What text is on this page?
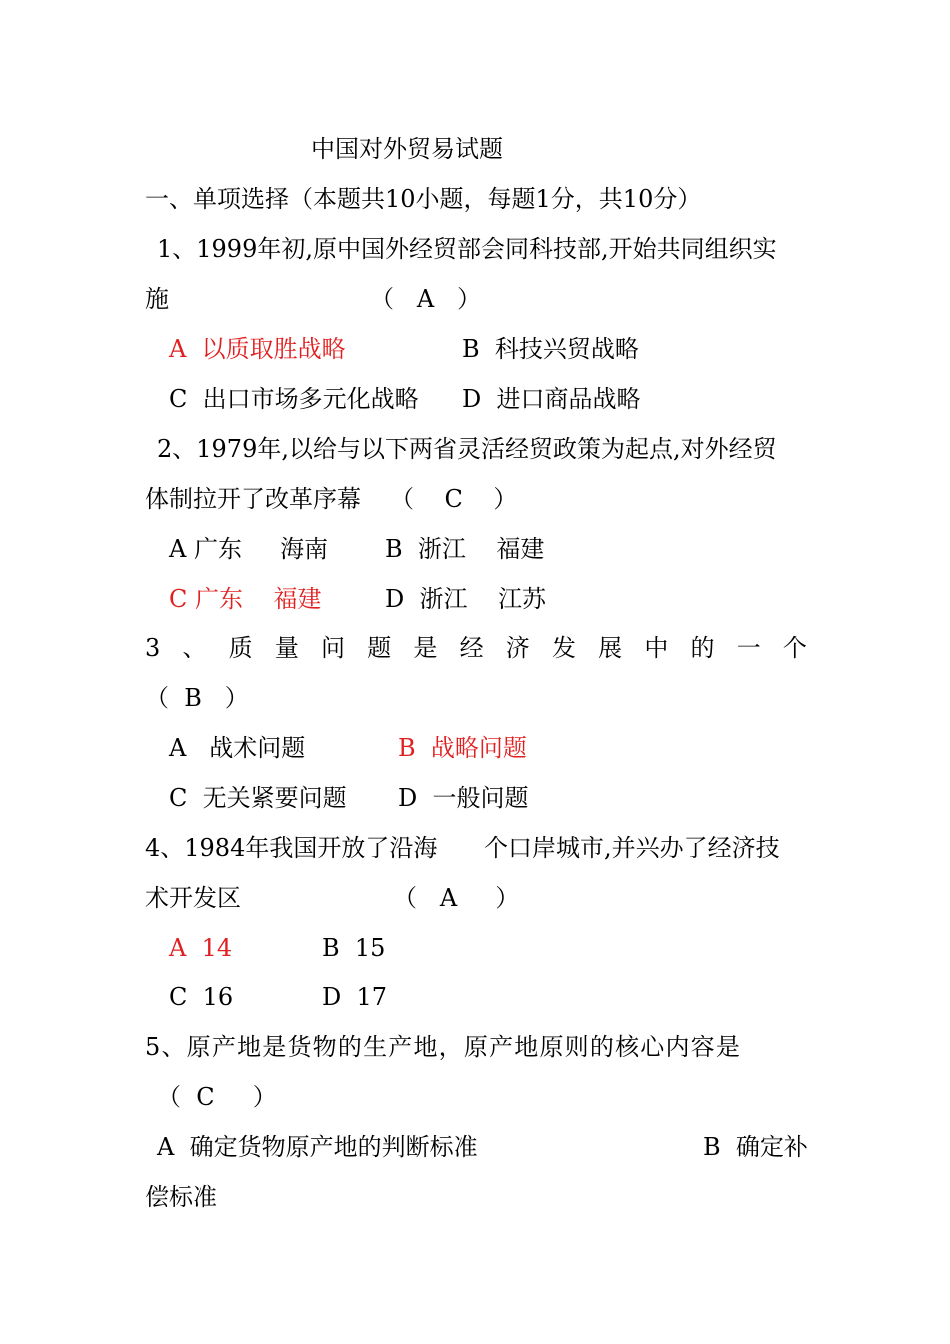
中国对外贸易试题
一、单项选择（本题共10小题，每题1分，共10分）
1、1999年初,原中国外经贸部会同科技部,开始共同组织实
施	（   A   ）
A  以质取胜战略	B  科技兴贸战略
C  出口市场多元化战略 D  进口商品战略
2、1979年,以给与以下两省灵活经贸政策为起点,对外经贸
体制拉开了改革序幕 （    C    ）
A 广东     海南 B  浙江    福建
C 广东    福建	D  浙江    江苏
3 、 质 量 问 题 是 经 济 发 展 中 的 一 个
（  B   ）
A   战术问题	B  战略问题
C  无关紧要问题 D  一般问题
4、1984年我国开放了沿海 个口岸城市,并兴办了经济技
术开发区	（   A     ）
A  14	B  15
C  16	D  17
5、原产地是货物的生产地，原产地原则的核心内容是
（  C     ）
A  确定货物原产地的判断标准	B  确定补
偿标准
